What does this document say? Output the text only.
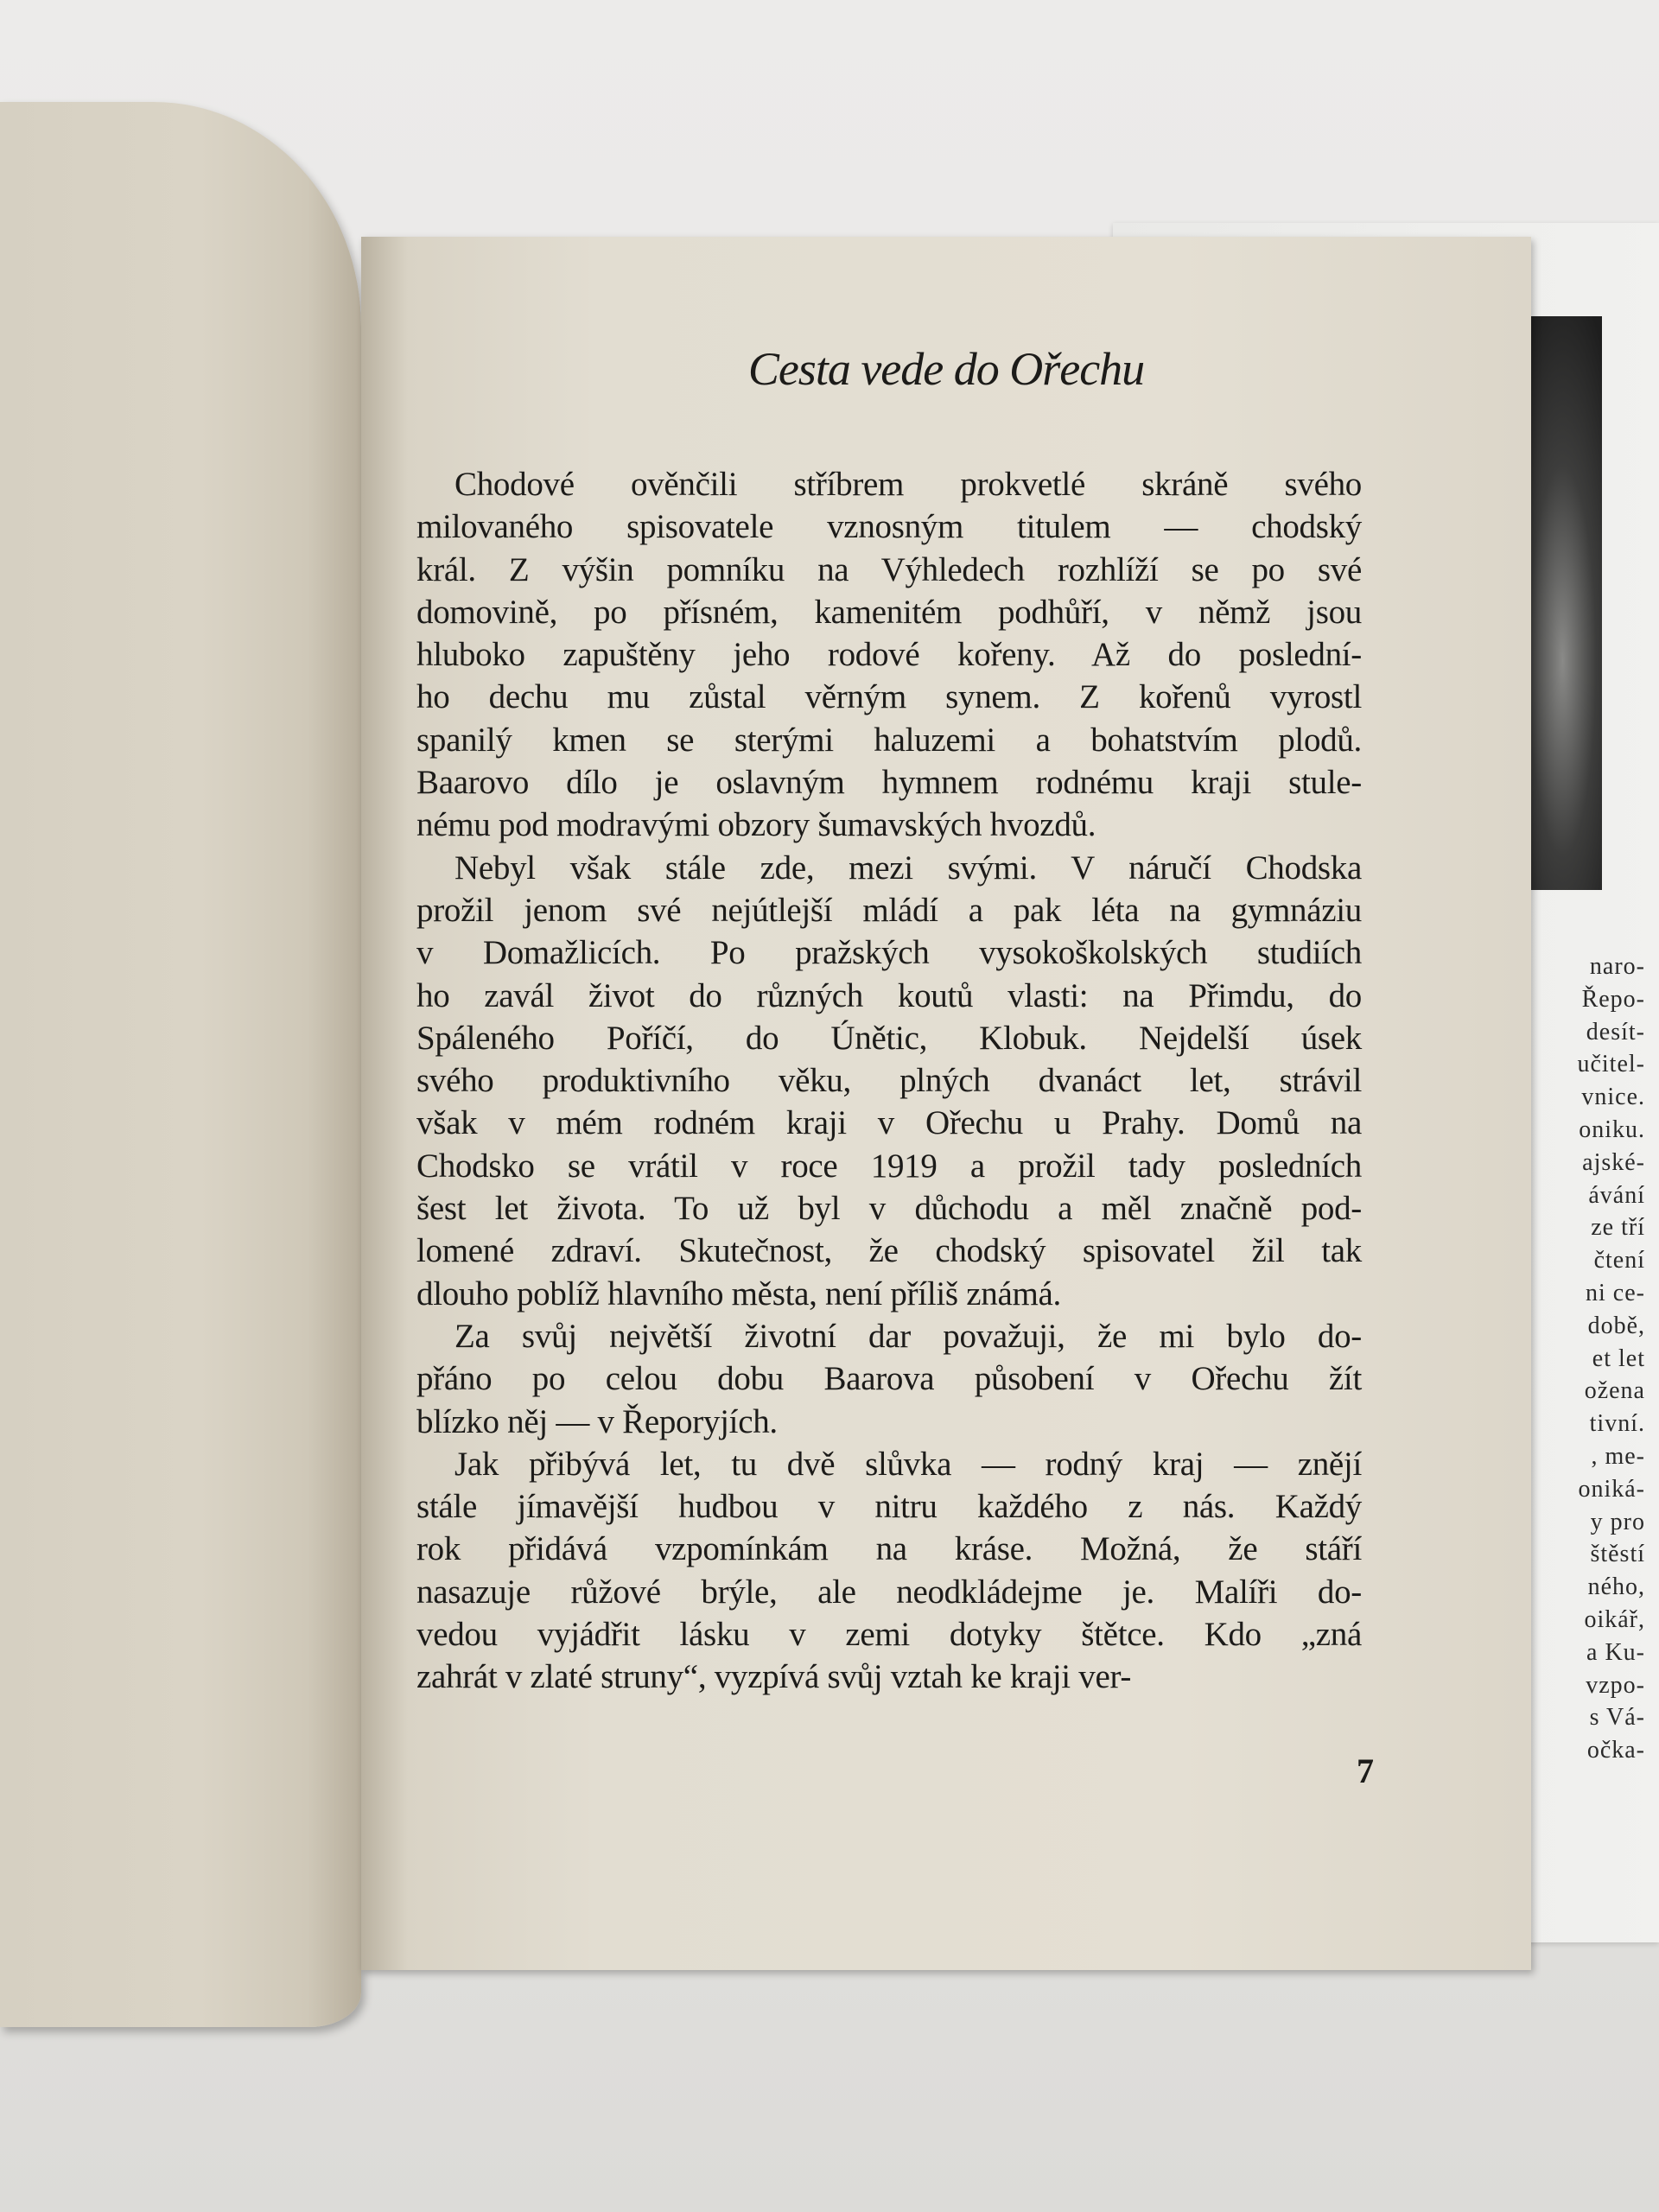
naro-
Řepo-
desít-
učitel-
vnice.
oniku.
ajské-
ávání
ze tří
čtení
ni ce-
době,
et let
ožena
tivní.
, me-
oniká-
y pro
štěstí
ného,
oikář,
a Ku-
vzpo-
s Vá-
očka-
Cesta vede do Ořechu
Chodové ověnčili stříbrem prokvetlé skráně svého
milovaného spisovatele vznosným titulem — chodský
král. Z výšin pomníku na Výhledech rozhlíží se po své
domovině, po přísném, kamenitém podhůří, v němž jsou
hluboko zapuštěny jeho rodové kořeny. Až do poslední-
ho dechu mu zůstal věrným synem. Z kořenů vyrostl
spanilý kmen se sterými haluzemi a bohatstvím plodů.
Baarovo dílo je oslavným hymnem rodnému kraji stule-
nému pod modravými obzory šumavských hvozdů.
Nebyl však stále zde, mezi svými. V náručí Chodska
prožil jenom své nejútlejší mládí a pak léta na gymnáziu
v Domažlicích. Po pražských vysokoškolských studiích
ho zavál život do různých koutů vlasti: na Přimdu, do
Spáleného Poříčí, do Únětic, Klobuk. Nejdelší úsek
svého produktivního věku, plných dvanáct let, strávil
však v mém rodném kraji v Ořechu u Prahy. Domů na
Chodsko se vrátil v roce 1919 a prožil tady posledních
šest let života. To už byl v důchodu a měl značně pod-
lomené zdraví. Skutečnost, že chodský spisovatel žil tak
dlouho poblíž hlavního města, není příliš známá.
Za svůj největší životní dar považuji, že mi bylo do-
přáno po celou dobu Baarova působení v Ořechu žít
blízko něj — v Řeporyjích.
Jak přibývá let, tu dvě slůvka — rodný kraj — znějí
stále jímavější hudbou v nitru každého z nás. Každý
rok přidává vzpomínkám na kráse. Možná, že stáří
nasazuje růžové brýle, ale neodkládejme je. Malíři do-
vedou vyjádřit lásku v zemi dotyky štětce. Kdo „zná
zahrát v zlaté struny“, vyzpívá svůj vztah ke kraji ver-
7
